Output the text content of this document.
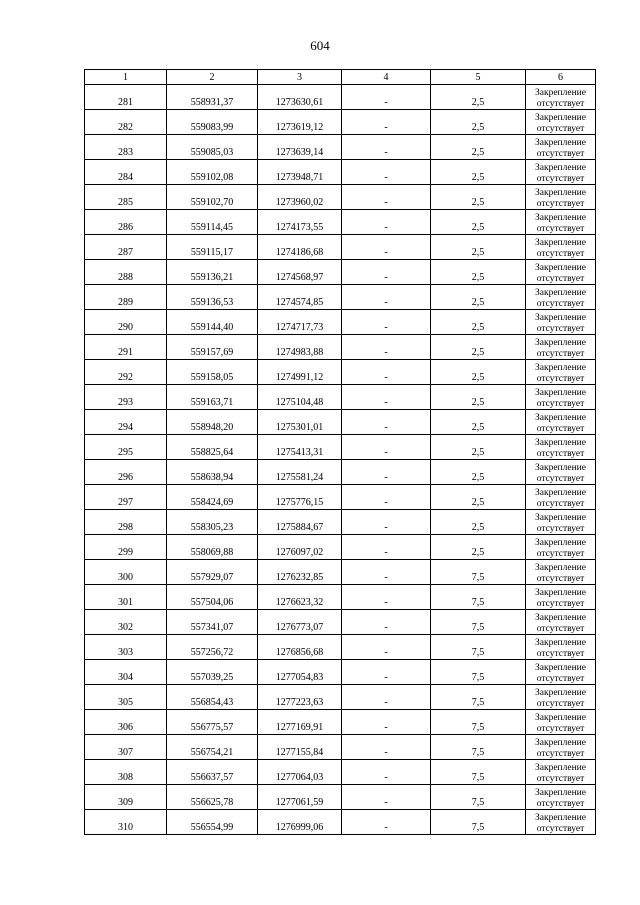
604
1	2	3	4	5	6
281	558931,37	1273630,61	-	2,5	Закрепление отсутствует
282	559083,99	1273619,12	-	2,5	Закрепление отсутствует
283	559085,03	1273639,14	-	2,5	Закрепление отсутствует
284	559102,08	1273948,71	-	2,5	Закрепление отсутствует
285	559102,70	1273960,02	-	2,5	Закрепление отсутствует
286	559114,45	1274173,55	-	2,5	Закрепление отсутствует
287	559115,17	1274186,68	-	2,5	Закрепление отсутствует
288	559136,21	1274568,97	-	2,5	Закрепление отсутствует
289	559136,53	1274574,85	-	2,5	Закрепление отсутствует
290	559144,40	1274717,73	-	2,5	Закрепление отсутствует
291	559157,69	1274983,88	-	2,5	Закрепление отсутствует
292	559158,05	1274991,12	-	2,5	Закрепление отсутствует
293	559163,71	1275104,48	-	2,5	Закрепление отсутствует
294	558948,20	1275301,01	-	2,5	Закрепление отсутствует
295	558825,64	1275413,31	-	2,5	Закрепление отсутствует
296	558638,94	1275581,24	-	2,5	Закрепление отсутствует
297	558424,69	1275776,15	-	2,5	Закрепление отсутствует
298	558305,23	1275884,67	-	2,5	Закрепление отсутствует
299	558069,88	1276097,02	-	2,5	Закрепление отсутствует
300	557929,07	1276232,85	-	7,5	Закрепление отсутствует
301	557504,06	1276623,32	-	7,5	Закрепление отсутствует
302	557341,07	1276773,07	-	7,5	Закрепление отсутствует
303	557256,72	1276856,68	-	7,5	Закрепление отсутствует
304	557039,25	1277054,83	-	7,5	Закрепление отсутствует
305	556854,43	1277223,63	-	7,5	Закрепление отсутствует
306	556775,57	1277169,91	-	7,5	Закрепление отсутствует
307	556754,21	1277155,84	-	7,5	Закрепление отсутствует
308	556637,57	1277064,03	-	7,5	Закрепление отсутствует
309	556625,78	1277061,59	-	7,5	Закрепление отсутствует
310	556554,99	1276999,06	-	7,5	Закрепление отсутствует
